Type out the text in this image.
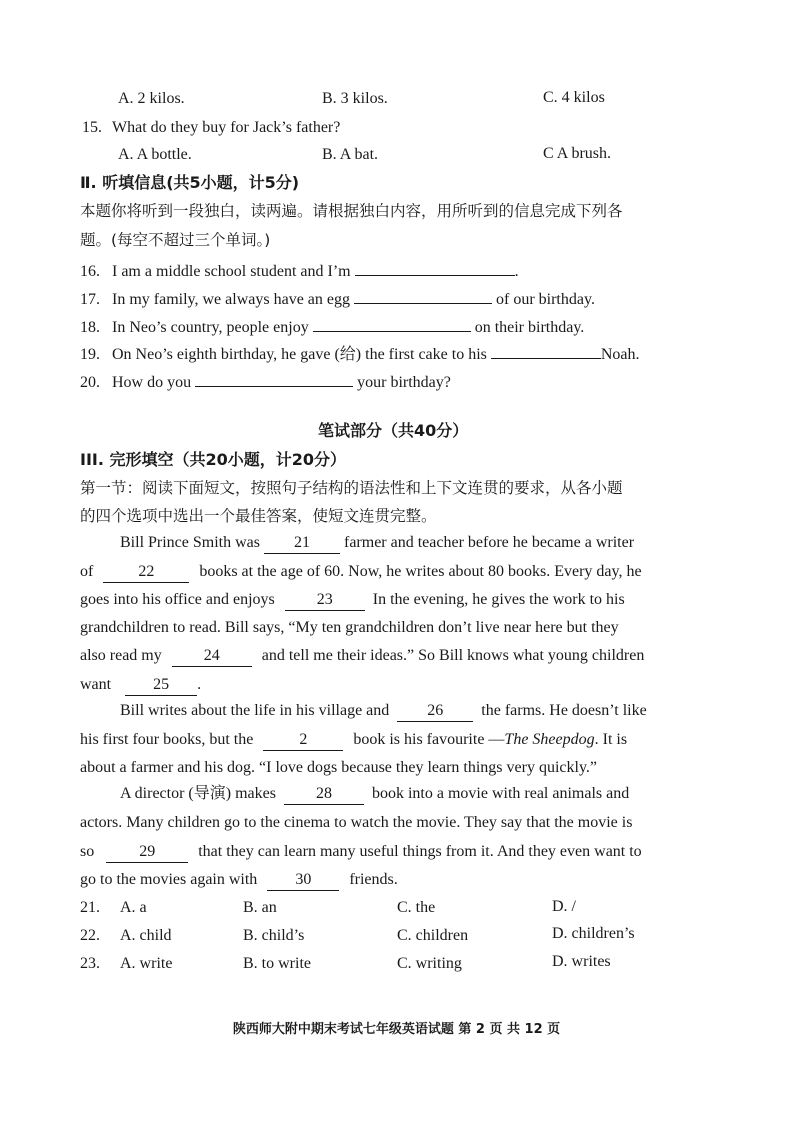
A. 2 kilos.	B. 3 kilos.	C. 4 kilos
15. What do they buy for Jack’s father?
A. A bottle.	B. A bat.	C A brush.
Ⅱ. 听填信息(共5小题，计5分)
本题你将听到一段独白，读两遍。请根据独白内容，用所听到的信息完成下列各
题。(每空不超过三个单词。)
16. I am a middle school student and I’m	.
17. In my family, we always have an egg	of our birthday.
18. In Neo’s country, people enjoy	on their birthday.
19. On Neo’s eighth birthday, he gave (给) the first cake to his	Noah.
20. How do you	your birthday?
笔试部分（共40分）
III. 完形填空（共20小题，计20分）
第一节：阅读下面短文，按照句子结构的语法性和上下文连贯的要求，从各小题
的四个选项中选出一个最佳答案，使短文连贯完整。
Bill Prince Smith was 21 farmer and teacher before he became a writer
of	22	books at the age of 60. Now, he writes about 80 books. Every day, he
goes into his office and enjoys	23	In the evening, he gives the work to his
grandchildren to read. Bill says, “My ten grandchildren don’t live near here but they
also read my	24	and tell me their ideas.” So Bill knows what young children
want	25 .
Bill writes about the life in his village and 26 the farms. He doesn’t like
his first four books, but the	2	book is his favourite —The Sheepdog. It is
about a farmer and his dog. “I love dogs because they learn things very quickly.”
A director (导演) makes	28	book into a movie with real animals and
actors. Many children go to the cinema to watch the movie. They say that the movie is
so	29	that they can learn many useful things from it. And they even want to
go to the movies again with 30 friends.
21. A. a	B. an	C. the	D. /
22. A. child	B. child’s	C. children	D. children’s
23. A. write	B. to write	C. writing	D. writes
陕西师大附中期末考试七年级英语试题 第 2 页 共 12 页
